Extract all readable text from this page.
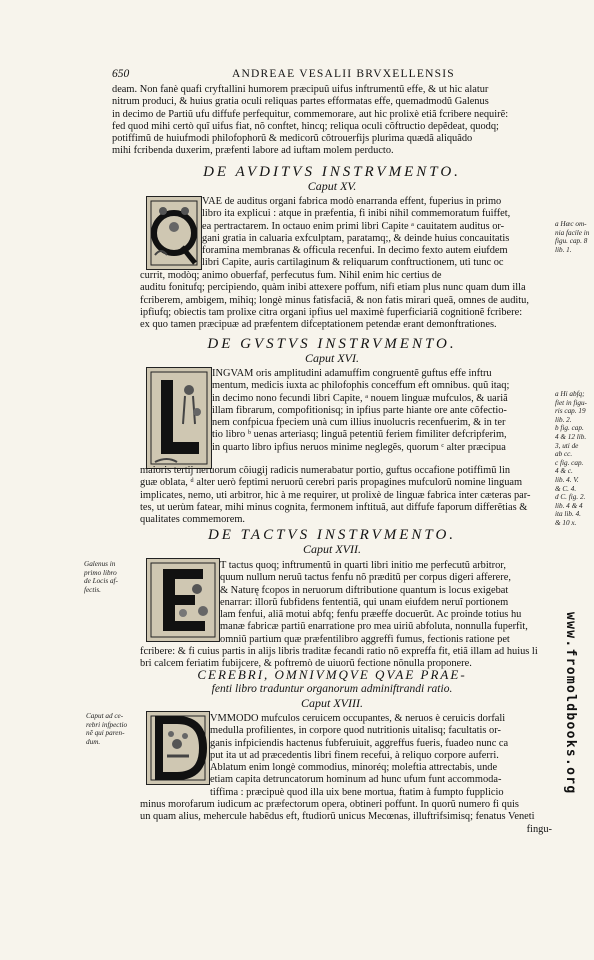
650	ANDREAE VESALII BRVXELLENSIS
deam. Non fanè quafi cryftallini humorem præcipuũ uifus inftrumentũ effe, & ut hic alatur
nitrum produci, & huius gratia oculi reliquas partes efformatas effe, quemadmodũ Galenus
in decimo de Partiũ ufu diffufe perfequitur, commemorare, aut hic prolixè etiã fcribere nequirẽ:
fed quod mihi certò quĩ uifus fiat, nõ conftet, hincq; reliqua oculi cõftructio depẽdeat, quodq;
potiffimũ de huiufmodi philofophorũ & medicorũ cõtrouerfijs plurima quædã aliquãdo
mihi fcribenda duxerim, præfenti labore ad iuftam molem perducto.
DE AVDITVS INSTRVMENTO.
Caput XV.
VAE de auditus organi fabrica modò enarranda effent, fuperius in primo
libro ita explicui : atque in præfentia, fi inibi nihil commemoratum fuiffet,
ea pertractarem. In octauo enim primi libri Capite ᵃ cauitatem auditus or-
gani gratia in caluaria exfculptam, paratamq;, & deinde huius concauitatis
foramina membranas & officula recenfui. In decimo fexto autem eiufdem
libri Capite, auris cartilaginum & reliquarum conftructionem, uti tunc oc
currit, modòq; animo obuerfaf, perfecutus fum. Nihil enim hic certius de
auditu fonitufq; percipiendo, quàm inibi attexere poffum, nifi etiam plus nunc quam dum illa
fcriberem, ambigem, mihiq; longè minus fatisfaciã, & non fatis mirari queã, omnes de auditu,
ipfiufq; obiectis tam prolixe citra organi ipfius uel maximè fuperficiariã cognitionẽ fcribere:
ex quo tamen præcipuæ ad præfentem difceptationem petendæ erant demonftrationes.
a Hæc om-
nia facile in
figu. cap. 8
lib. 1.
DE GVSTVS INSTRVMENTO.
Caput XVI.
INGVAM oris amplitudini adamuffim congruentẽ guftus effe inftru
mentum, medicis iuxta ac philofophis conceffum eft omnibus. quũ itaq;
in decimo nono fecundi libri Capite, ᵃ nouem linguæ mufculos, & uariã
illam fibrarum, compofitionisq; in ipfius parte hiante ore ante cõfectio-
nem confpicua fpeciem unà cum illius inuolucris recenfuerim, & in ter
tio libro ᵇ uenas arteriasq; linguã petentiũ feriem fimiliter defcripferim,
in quarto libro ipfius neruos minime neglegẽs, quorum ᶜ alter præcipua
maioris tertij neruorum cõiugij radicis numerabatur portio, guftus occafione potiffimũ lin
guæ oblata, ᵈ alter uerò feptimi neruorũ cerebri paris propagines mufculorũ nomine linguam
implicates, nemo, uti arbitror, hic à me requirer, ut prolixè de linguæ fabrica inter cæteras par-
tes, ut uerùm fatear, mihi minus cognita, fermonem inftituã, aut diffufe faporum differẽtias &
qualitates commemorem.
a Hi abfq;
fiet in figu-
ris cap. 19
lib. 2.
b fig. cap.
4 & 12 lib.
3, uti de
ab cc.
c fig. cap.
4 & c.
lib. 4. V.
& C. 4.
d C. fig. 2.
lib. 4 & 4
ita lib. 4.
& 10 x.
DE TACTVS INSTRVMENTO.
Caput XVII.
T tactus quoq; inftrumentũ in quarti libri initio me perfecutũ arbitror,
quum nullum neruũ tactus fenfu nõ præditũ per corpus digeri afferere,
& Naturę fcopos in neruorum diftributione quantum is locus exigebat
enarrar: illorũ fubfidens fententiã, qui unam eiufdem neruĩ portionem
lam fenfui, aliã motui abfq; fenfu præeffe docuerũt. Ac proinde totius hu
manæ fabricæ partiũ enarratione pro mea uiriũ abfoluta, nonnulla fuperfit,
omniũ partium quæ præfentilibro aggreffi fumus, fectionis ratione pet
fcribere: & fi cuius partis in alijs libris traditæ fecandi ratio nõ expreffa fit, etiã illam ad huius li
bri calcem feriatim fubijcere, & poftremò de uiuorũ fectione nõnulla proponere.
Galenus in
primo libro
de Locis af-
fectis.
CEREBRI, OMNIVMQVE QVAE PRAE-
fenti libro traduntur organorum adminiftrandi ratio.
Caput XVIII.
VMMODO mufculos ceruicem occupantes, & neruos è ceruicis dorfali
medulla profilientes, in corpore quod nutritionis uitalisq; facultatis or-
ganis infpiciendis hactenus fubferuiuit, aggreffus fueris, fuadeo nunc ca
put ita ut ad præcedentis libri finem recefui, à reliquo corpore auferri.
Ablatum enim longè commodius, minoréq; moleftia attrectabis, unde
etiam capita detruncatorum hominum ad hunc ufum funt accommoda-
tiffima : præcipuè quod illa uix bene mortua, ftatim à fumpto fupplicio
minus morofarum iudicum ac præfectorum opera, obtineri poffunt. In quorũ numero fi quis
un quam alius, mehercule habẽdus eft, ftudiorũ unicus Mecœnas, illuftrifsimisq; fenatus Veneti
fingu-
Caput ad ce-
rebri infpectio
nẽ qui paren-
dum.	www.fromoldbooks.org
